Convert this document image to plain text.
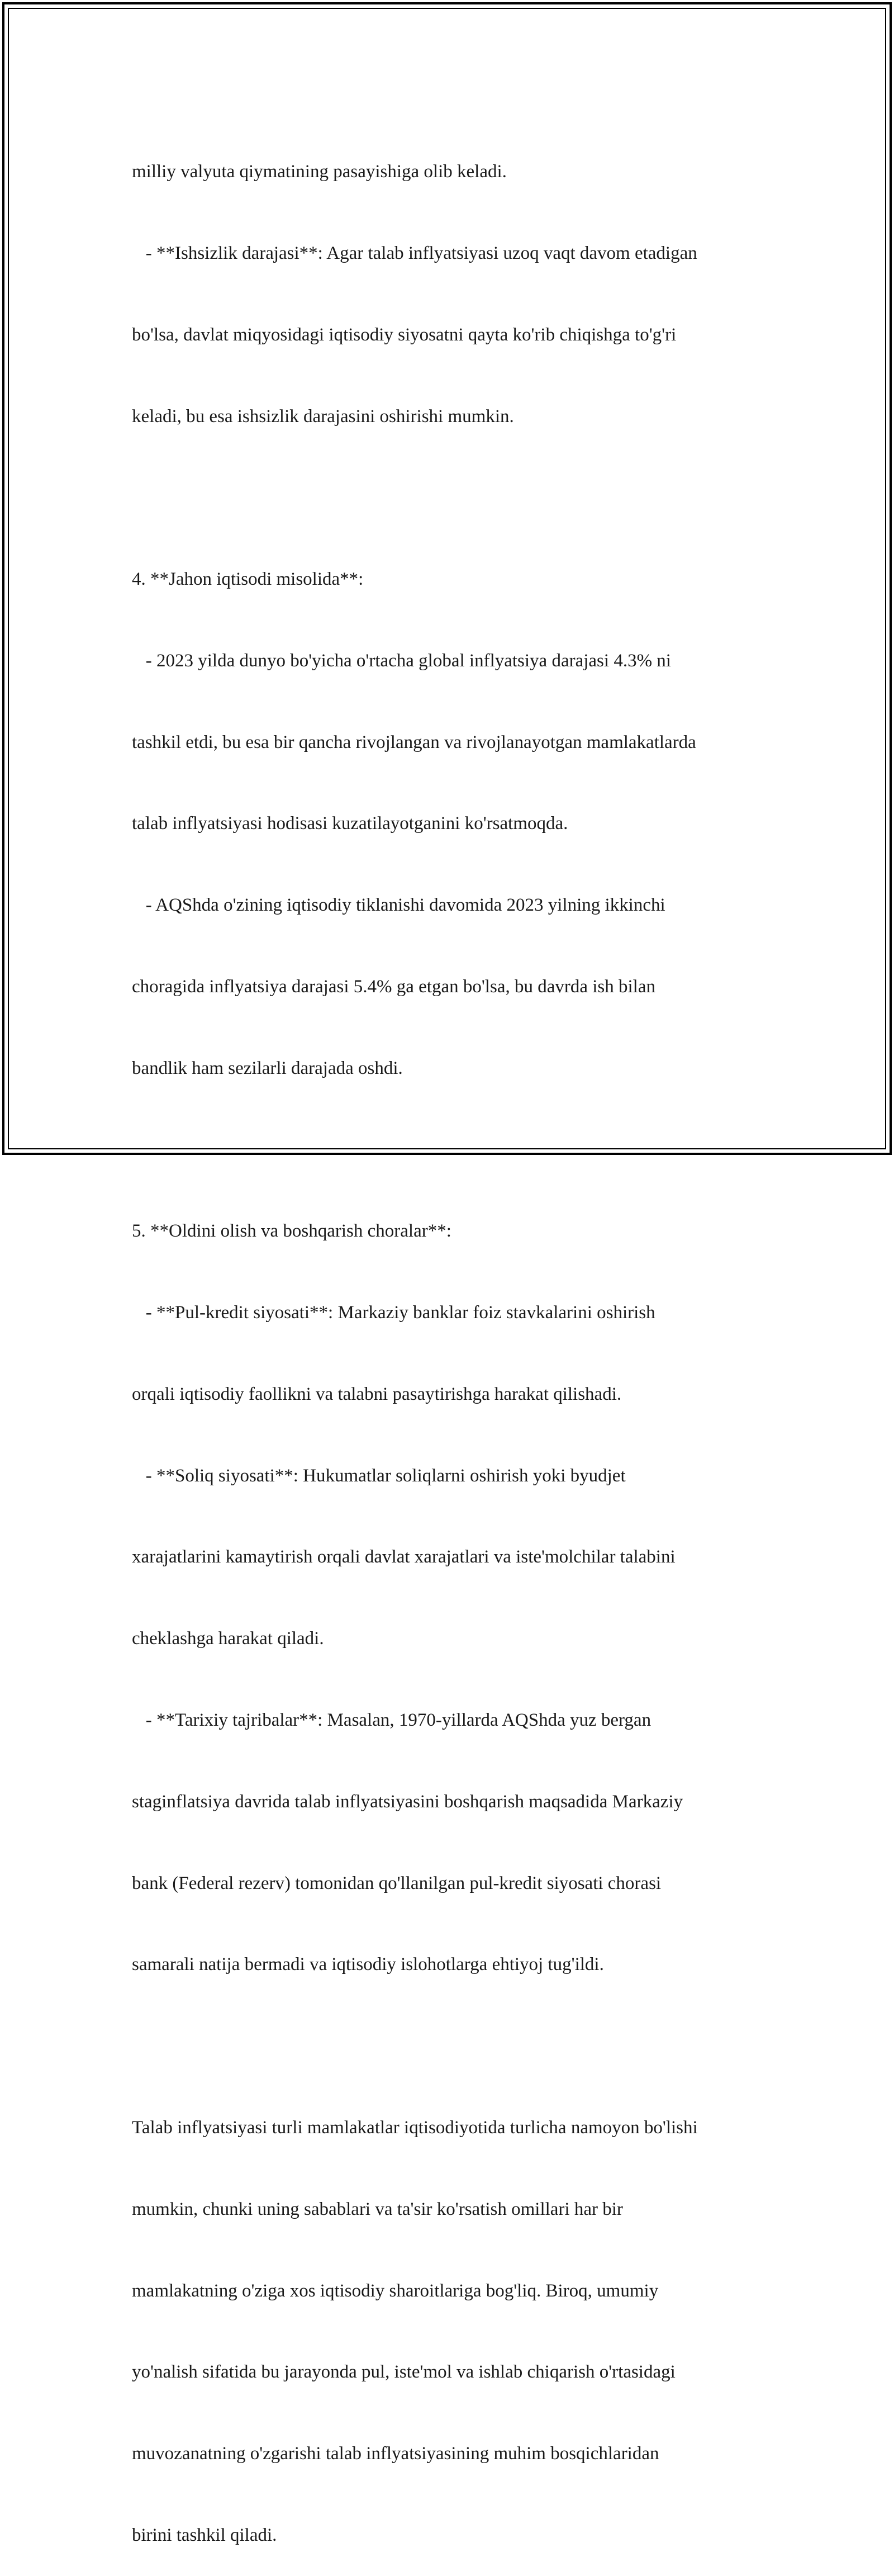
milliy valyuta qiymatining pasayishiga olib keladi.

- **Ishsizlik darajasi**: Agar talab inflyatsiyasi uzoq vaqt davom etadigan

bo'lsa, davlat miqyosidagi iqtisodiy siyosatni qayta ko'rib chiqishga to'g'ri

keladi, bu esa ishsizlik darajasini oshirishi mumkin.

4. **Jahon iqtisodi misolida**:

- 2023 yilda dunyo bo'yicha o'rtacha global inflyatsiya darajasi 4.3% ni

tashkil etdi, bu esa bir qancha rivojlangan va rivojlanayotgan mamlakatlarda

talab inflyatsiyasi hodisasi kuzatilayotganini ko'rsatmoqda.

- AQShda o'zining iqtisodiy tiklanishi davomida 2023 yilning ikkinchi

choragida inflyatsiya darajasi 5.4% ga etgan bo'lsa, bu davrda ish bilan

bandlik ham sezilarli darajada oshdi.

5. **Oldini olish va boshqarish choralar**:

- **Pul-kredit siyosati**: Markaziy banklar foiz stavkalarini oshirish

orqali iqtisodiy faollikni va talabni pasaytirishga harakat qilishadi.

- **Soliq siyosati**: Hukumatlar soliqlarni oshirish yoki byudjet

xarajatlarini kamaytirish orqali davlat xarajatlari va iste'molchilar talabini

cheklashga harakat qiladi.

- **Tarixiy tajribalar**: Masalan, 1970-yillarda AQShda yuz bergan

staginflatsiya davrida talab inflyatsiyasini boshqarish maqsadida Markaziy

bank (Federal rezerv) tomonidan qo'llanilgan pul-kredit siyosati chorasi

samarali natija bermadi va iqtisodiy islohotlarga ehtiyoj tug'ildi.

Talab inflyatsiyasi turli mamlakatlar iqtisodiyotida turlicha namoyon bo'lishi

mumkin, chunki uning sabablari va ta'sir ko'rsatish omillari har bir

mamlakatning o'ziga xos iqtisodiy sharoitlariga bog'liq. Biroq, umumiy

yo'nalish sifatida bu jarayonda pul, iste'mol va ishlab chiqarish o'rtasidagi

muvozanatning o'zgarishi talab inflyatsiyasining muhim bosqichlaridan

birini tashkil qiladi.
